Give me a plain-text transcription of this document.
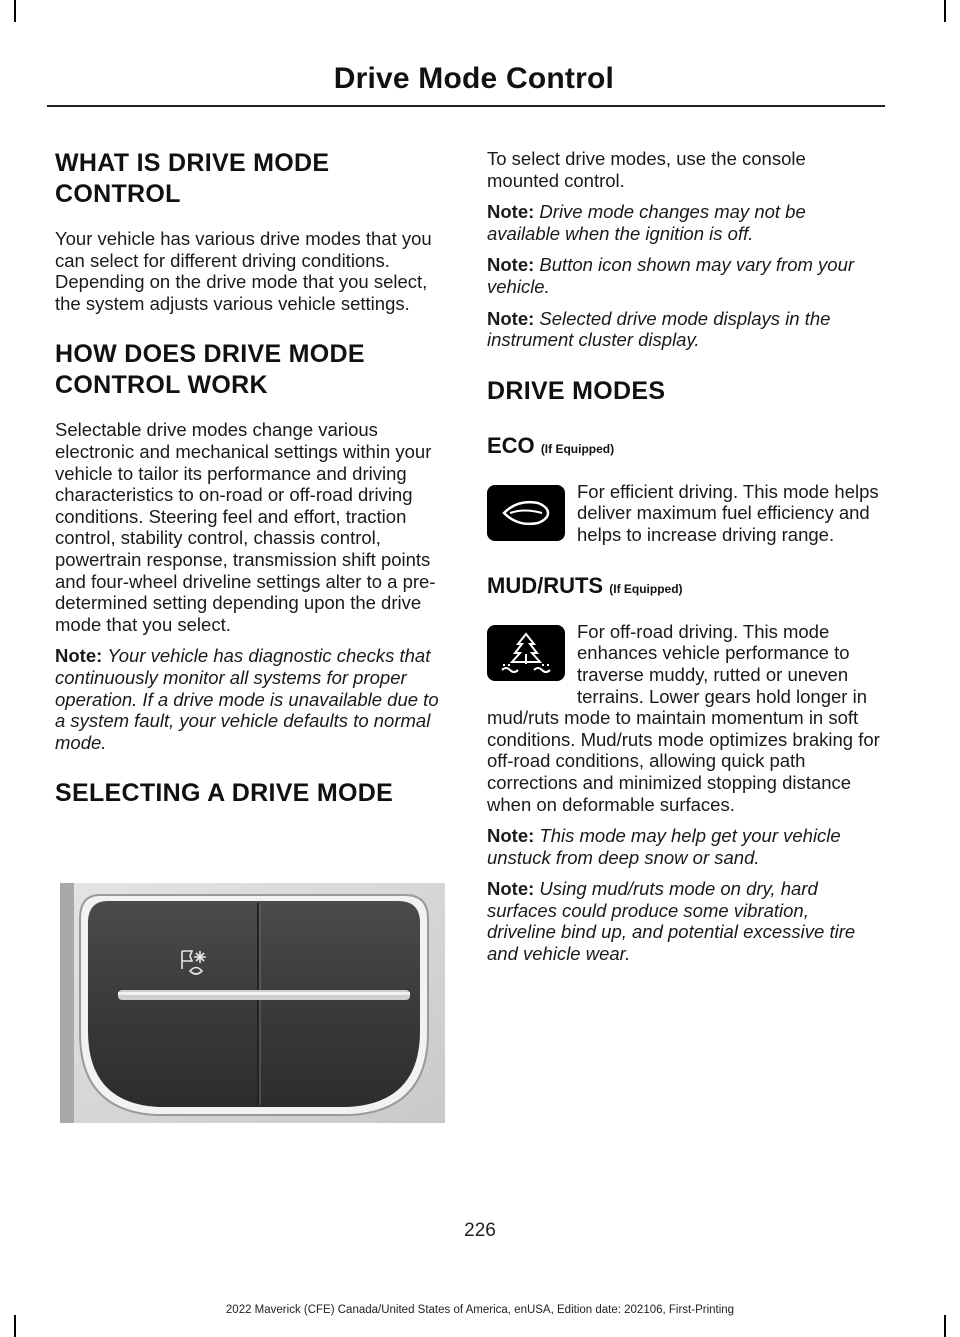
Drive Mode Control
WHAT IS DRIVE MODE CONTROL

Your vehicle has various drive modes that you can select for different driving conditions. Depending on the drive mode that you select, the system adjusts various vehicle settings.

HOW DOES DRIVE MODE CONTROL WORK

Selectable drive modes change various electronic and mechanical settings within your vehicle to tailor its performance and driving characteristics to on-road or off-road driving conditions. Steering feel and effort, traction control, stability control, chassis control, powertrain response, transmission shift points and four-wheel driveline settings alter to a pre-determined setting depending upon the drive mode that you select.

Note: Your vehicle has diagnostic checks that continuously monitor all systems for proper operation. If a drive mode is unavailable due to a system fault, your vehicle defaults to normal mode.

SELECTING A DRIVE MODE

To select drive modes, use the console mounted control.

Note: Drive mode changes may not be available when the ignition is off.

Note: Button icon shown may vary from your vehicle.

Note: Selected drive mode displays in the instrument cluster display.

DRIVE MODES
ECO (If Equipped)

For efficient driving. This mode helps deliver maximum fuel efficiency and helps to increase driving range.

MUD/RUTS (If Equipped)

For off-road driving. This mode enhances vehicle performance to traverse muddy, rutted or uneven terrains. Lower gears hold longer in mud/ruts mode to maintain momentum in soft conditions. Mud/ruts mode optimizes braking for off-road conditions, allowing quick path corrections and minimized stopping distance when on deformable surfaces.

Note: This mode may help get your vehicle unstuck from deep snow or sand.

Note: Using mud/ruts mode on dry, hard surfaces could produce some vibration, driveline bind up, and potential excessive tire and vehicle wear.

226
2022 Maverick (CFE) Canada/United States of America, enUSA, Edition date: 202106, First-Printing
